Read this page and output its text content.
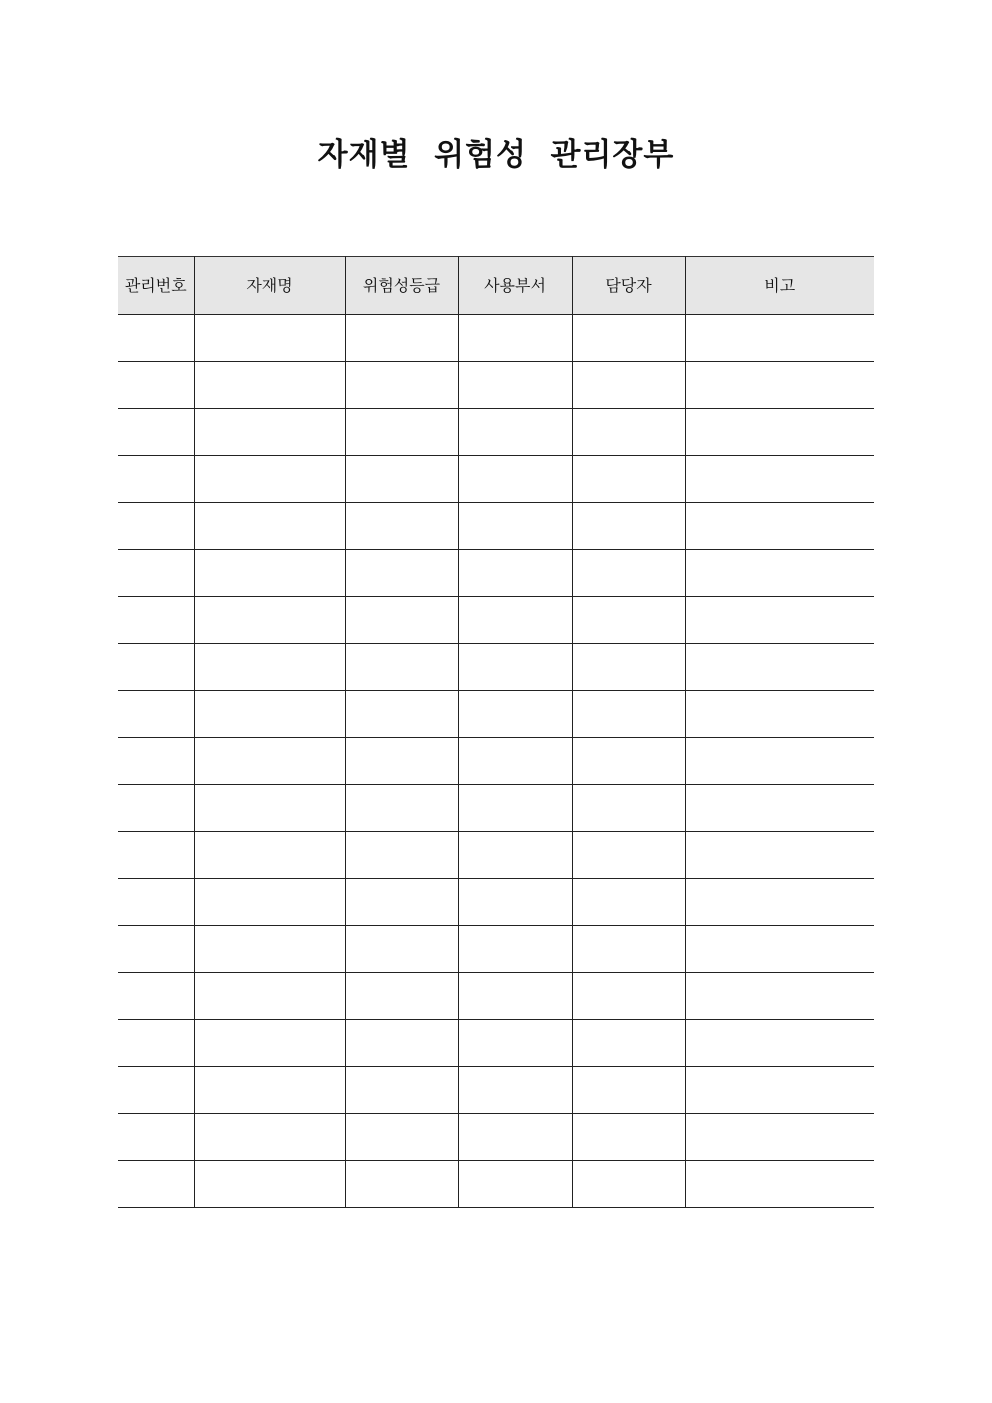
자재별  위험성  관리장부
관리번호	자재명	위험성등급	사용부서	담당자	비고
